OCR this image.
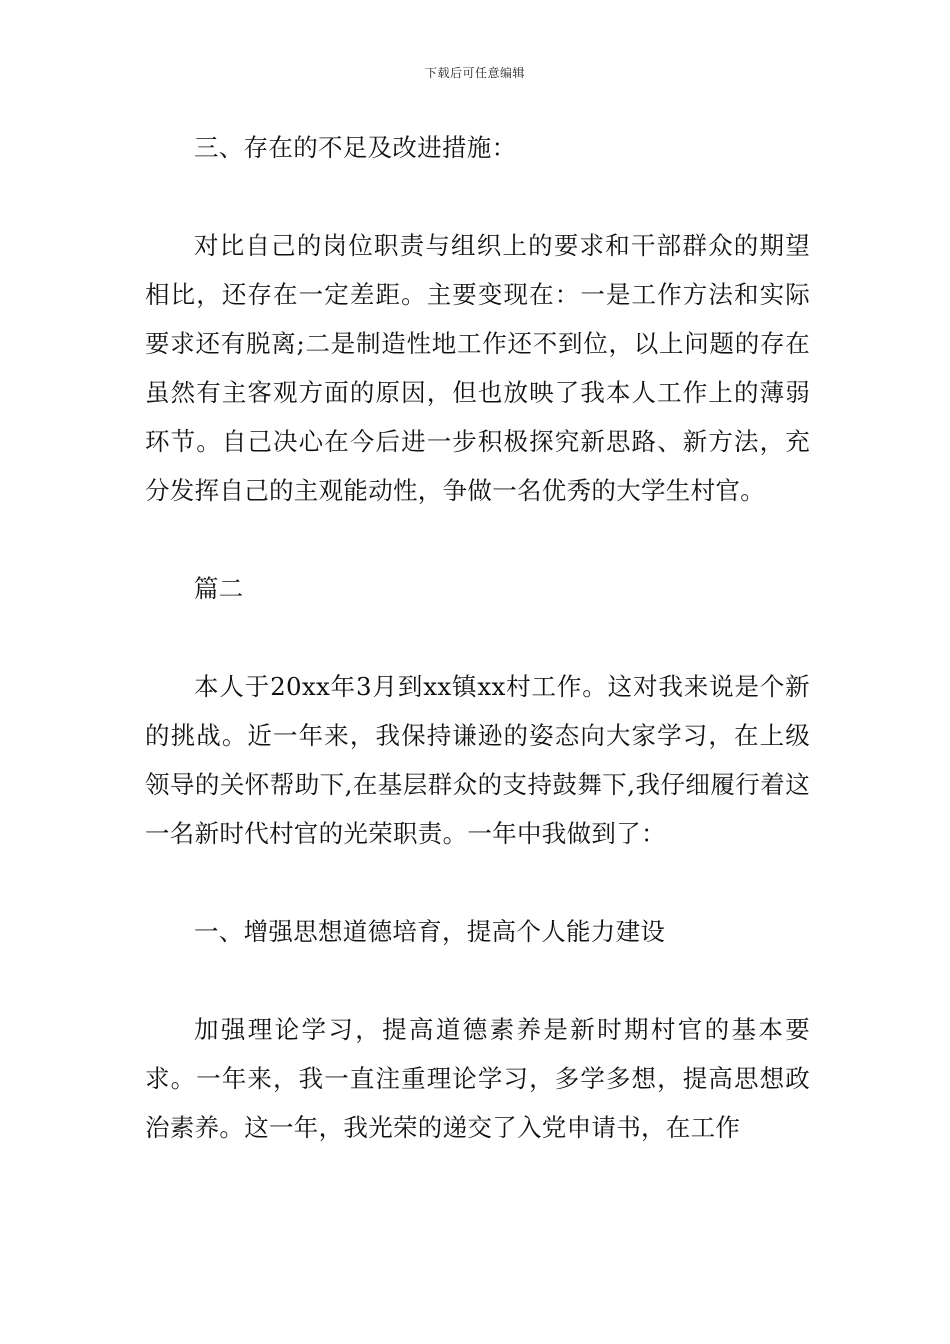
下载后可任意编辑

三、存在的不足及改进措施：

对比自己的岗位职责与组织上的要求和干部群众的期望相比，还存在一定差距。主要变现在：一是工作方法和实际要求还有脱离;二是制造性地工作还不到位，以上问题的存在虽然有主客观方面的原因，但也放映了我本人工作上的薄弱环节。自己决心在今后进一步积极探究新思路、新方法，充分发挥自己的主观能动性，争做一名优秀的大学生村官。

篇二

本人于20xx年3月到xx镇xx村工作。这对我来说是个新的挑战。近一年来，我保持谦逊的姿态向大家学习，在上级领导的关怀帮助下,在基层群众的支持鼓舞下,我仔细履行着这一名新时代村官的光荣职责。一年中我做到了：

一、增强思想道德培育，提高个人能力建设

加强理论学习，提高道德素养是新时期村官的基本要求。一年来，我一直注重理论学习，多学多想，提高思想政治素养。这一年，我光荣的递交了入党申请书，在工作
